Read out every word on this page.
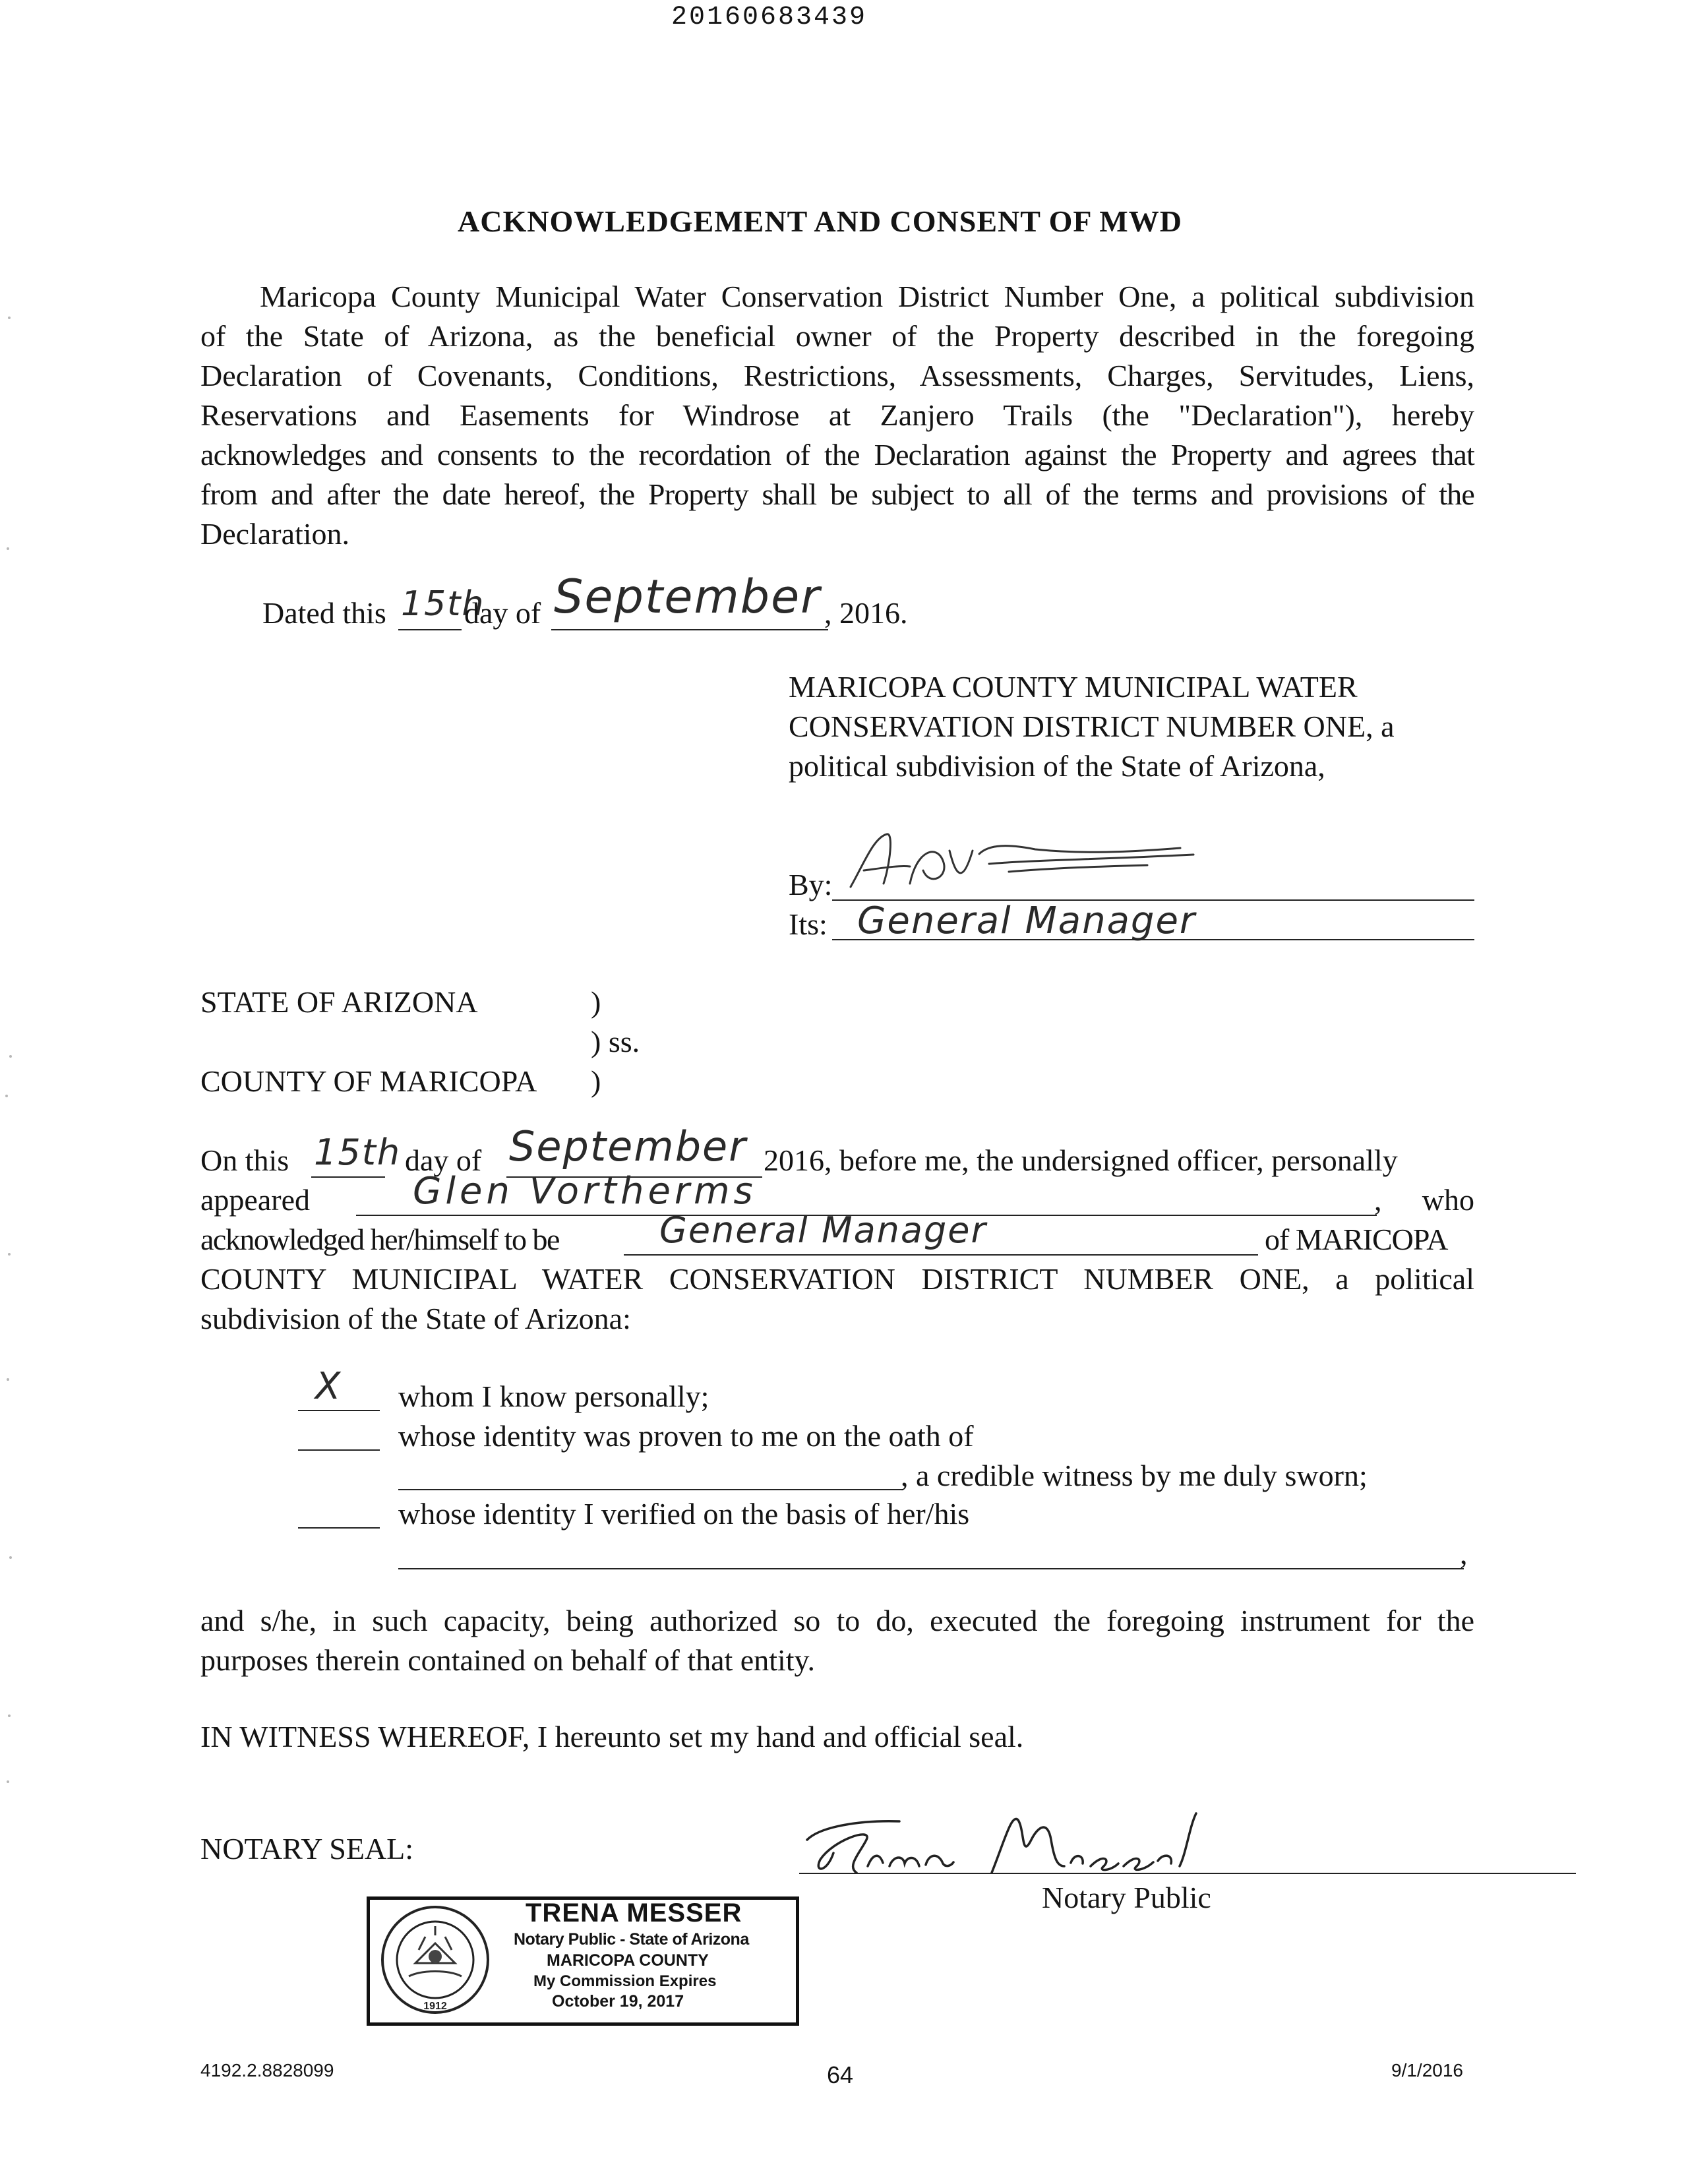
20160683439
ACKNOWLEDGEMENT AND CONSENT OF MWD
Maricopa County Municipal Water Conservation District Number One, a political subdivision
of the State of Arizona, as the beneficial owner of the Property described in the foregoing
Declaration of Covenants, Conditions, Restrictions, Assessments, Charges, Servitudes, Liens,
Reservations and Easements for Windrose at Zanjero Trails (the "Declaration"), hereby
acknowledges and consents to the recordation of the Declaration against the Property and agrees that
from and after the date hereof, the Property shall be subject to all of the terms and provisions of the
Declaration.
Dated this 15th
day of September , 2016.
MARICOPA COUNTY MUNICIPAL WATER
CONSERVATION DISTRICT NUMBER ONE, a
political subdivision of the State of Arizona,
By:
Its: General Manager
STATE OF ARIZONA	)
) ss.
COUNTY OF MARICOPA )
On this 15th day of September 2016, before me, the undersigned officer, personally
appeared	Glen Vortherms	, who
acknowledged her/himself to be	General Manager	of MARICOPA
COUNTY MUNICIPAL WATER CONSERVATION DISTRICT NUMBER ONE, a political
subdivision of the State of Arizona:
X whom I know personally;
whose identity was proven to me on the oath of
, a credible witness by me duly sworn;
whose identity I verified on the basis of her/his
,
and s/he, in such capacity, being authorized so to do, executed the foregoing instrument for the
purposes therein contained on behalf of that entity.
IN WITNESS WHEREOF, I hereunto set my hand and official seal.
NOTARY SEAL:
Notary Public
1912
TRENA MESSER
Notary Public - State of Arizona
MARICOPA COUNTY
My Commission Expires
October 19, 2017
4192.2.8828099	64	9/1/2016
